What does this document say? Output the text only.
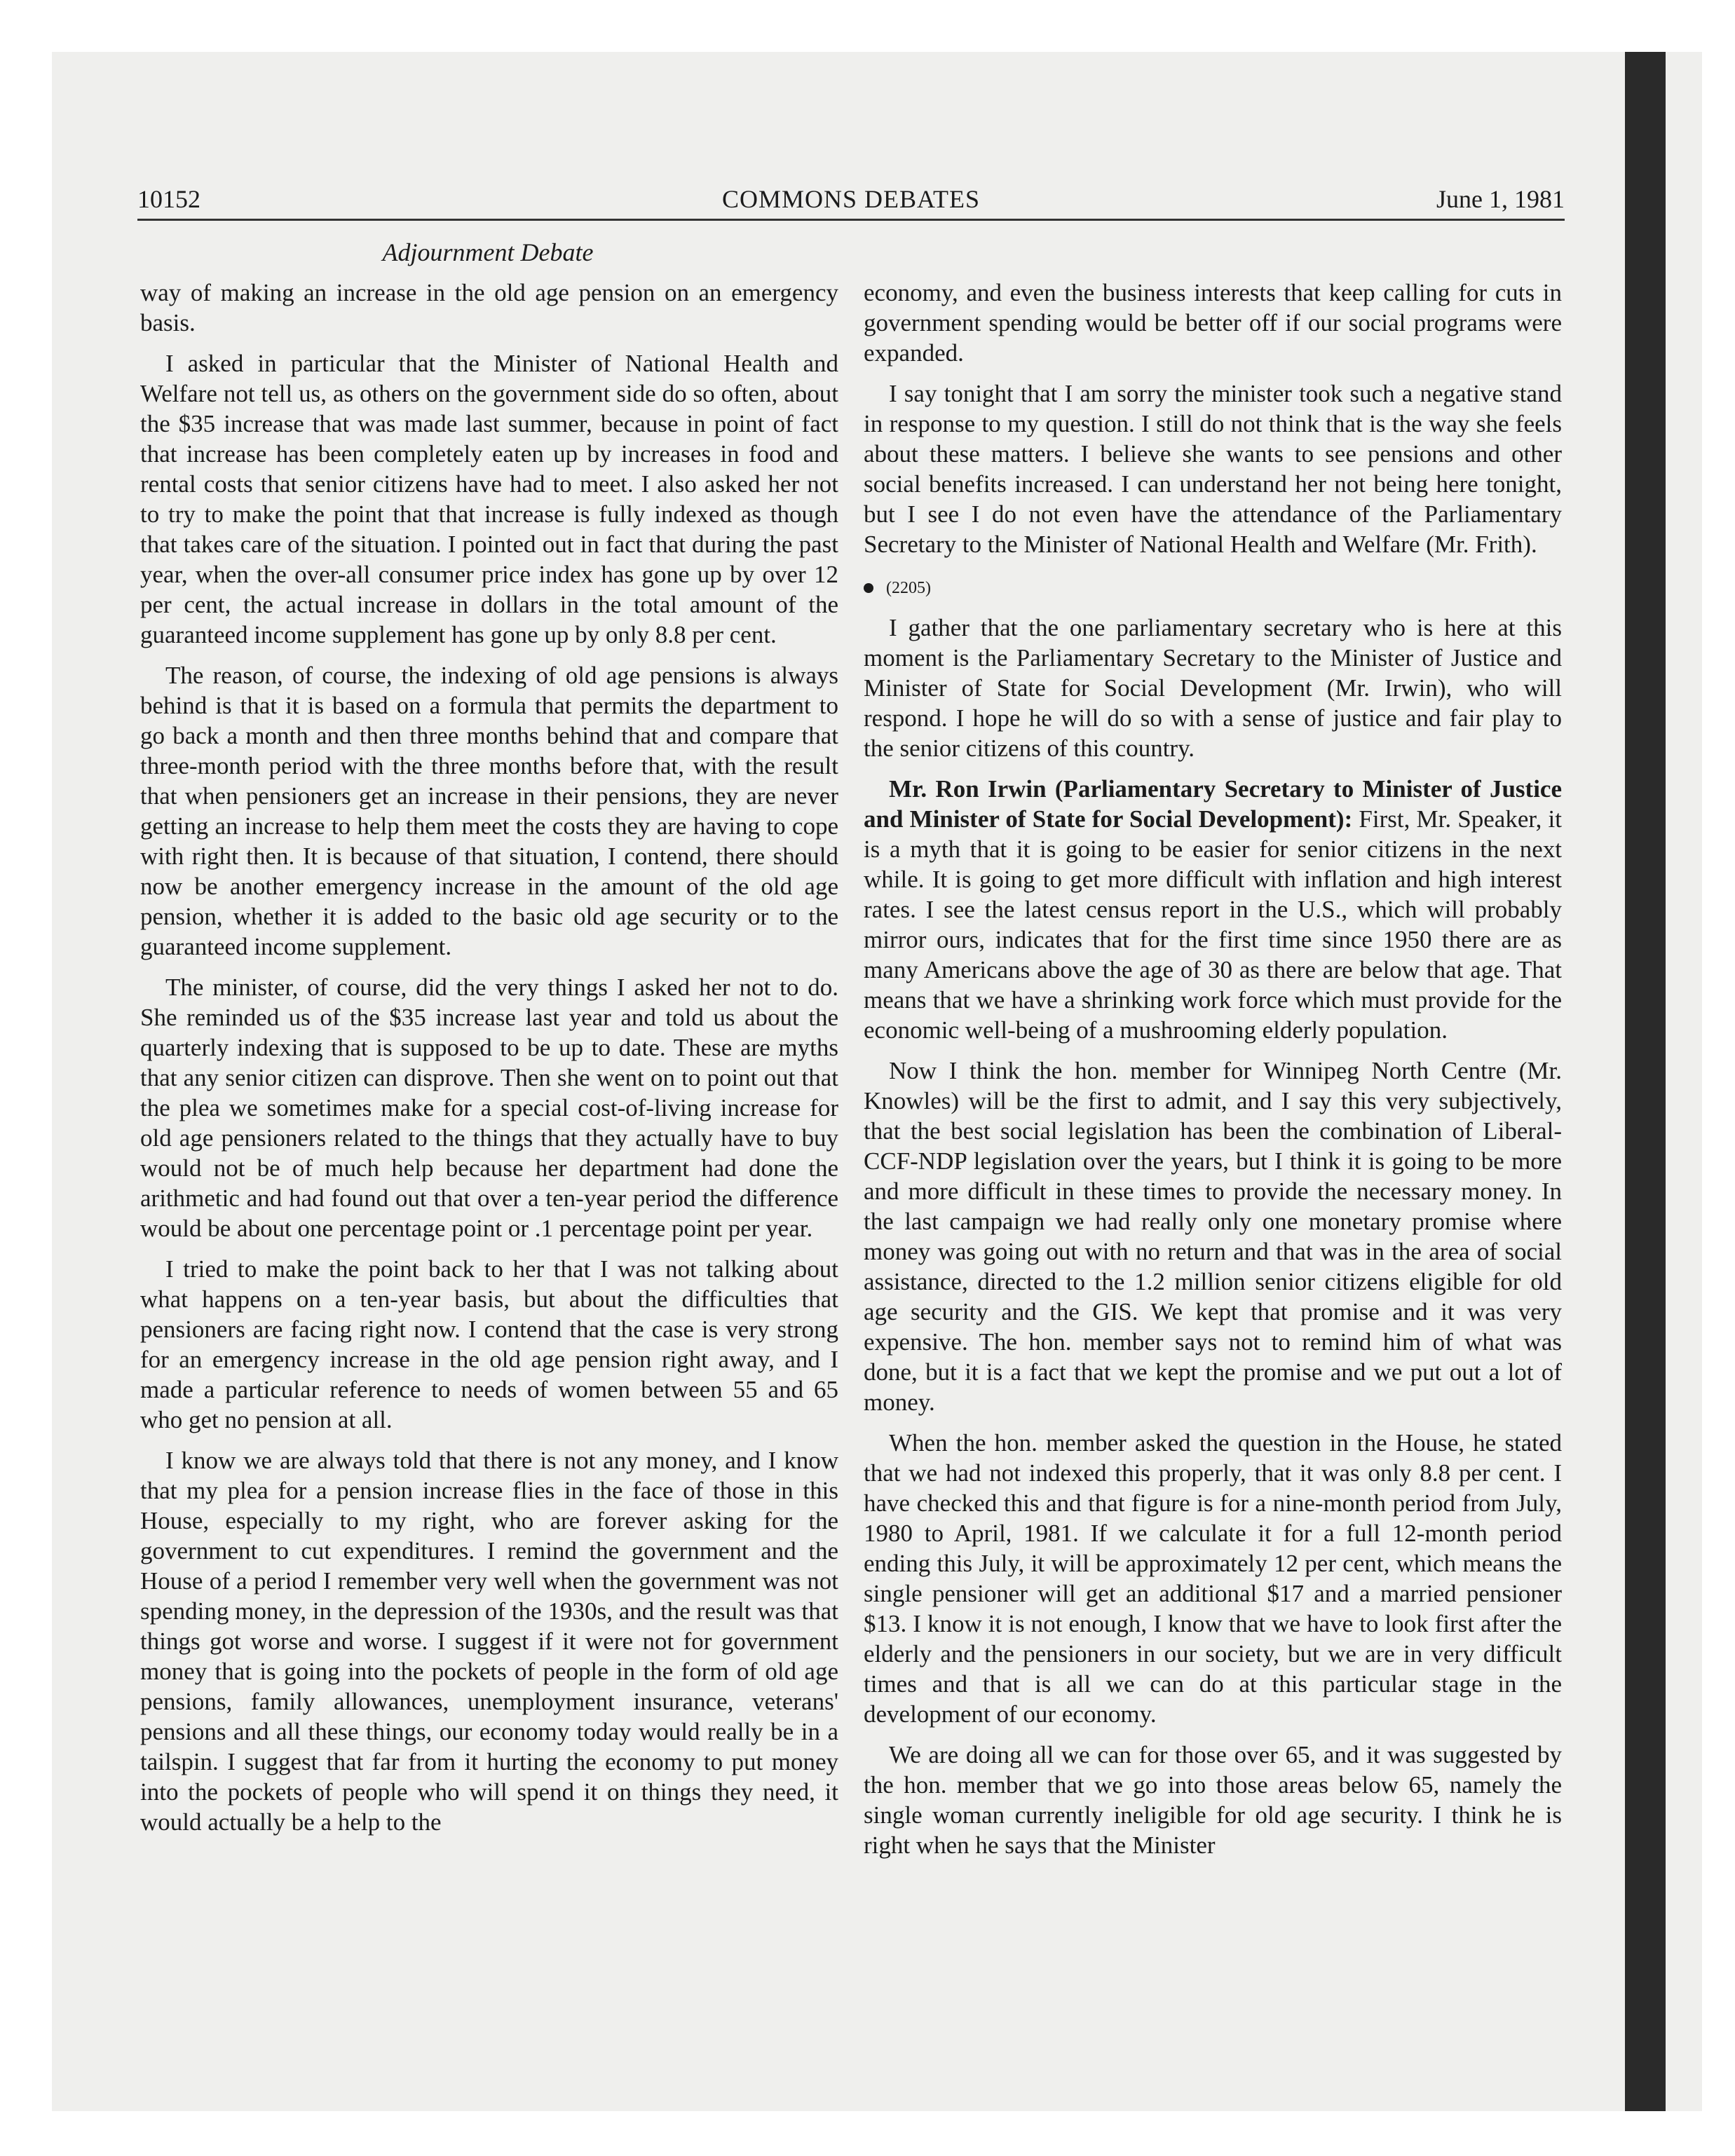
10152	COMMONS DEBATES	June 1, 1981
Adjournment Debate

way of making an increase in the old age pension on an emergency basis.

I asked in particular that the Minister of National Health and Welfare not tell us, as others on the government side do so often, about the $35 increase that was made last summer, because in point of fact that increase has been completely eaten up by increases in food and rental costs that senior citizens have had to meet. I also asked her not to try to make the point that that increase is fully indexed as though that takes care of the situation. I pointed out in fact that during the past year, when the over-all consumer price index has gone up by over 12 per cent, the actual increase in dollars in the total amount of the guaranteed income supplement has gone up by only 8.8 per cent.

The reason, of course, the indexing of old age pensions is always behind is that it is based on a formula that permits the department to go back a month and then three months behind that and compare that three-month period with the three months before that, with the result that when pensioners get an increase in their pensions, they are never getting an increase to help them meet the costs they are having to cope with right then. It is because of that situation, I contend, there should now be another emergency increase in the amount of the old age pension, whether it is added to the basic old age security or to the guaranteed income supplement.

The minister, of course, did the very things I asked her not to do. She reminded us of the $35 increase last year and told us about the quarterly indexing that is supposed to be up to date. These are myths that any senior citizen can disprove. Then she went on to point out that the plea we sometimes make for a special cost-of-living increase for old age pensioners related to the things that they actually have to buy would not be of much help because her department had done the arithmetic and had found out that over a ten-year period the difference would be about one percentage point or .1 percentage point per year.

I tried to make the point back to her that I was not talking about what happens on a ten-year basis, but about the difficulties that pensioners are facing right now. I contend that the case is very strong for an emergency increase in the old age pension right away, and I made a particular reference to needs of women between 55 and 65 who get no pension at all.

I know we are always told that there is not any money, and I know that my plea for a pension increase flies in the face of those in this House, especially to my right, who are forever asking for the government to cut expenditures. I remind the government and the House of a period I remember very well when the government was not spending money, in the depression of the 1930s, and the result was that things got worse and worse. I suggest if it were not for government money that is going into the pockets of people in the form of old age pensions, family allowances, unemployment insurance, veterans' pensions and all these things, our economy today would really be in a tailspin. I suggest that far from it hurting the economy to put money into the pockets of people who will spend it on things they need, it would actually be a help to the

economy, and even the business interests that keep calling for cuts in government spending would be better off if our social programs were expanded.

I say tonight that I am sorry the minister took such a negative stand in response to my question. I still do not think that is the way she feels about these matters. I believe she wants to see pensions and other social benefits increased. I can understand her not being here tonight, but I see I do not even have the attendance of the Parliamentary Secretary to the Minister of National Health and Welfare (Mr. Frith).

(2205)

I gather that the one parliamentary secretary who is here at this moment is the Parliamentary Secretary to the Minister of Justice and Minister of State for Social Development (Mr. Irwin), who will respond. I hope he will do so with a sense of justice and fair play to the senior citizens of this country.

Mr. Ron Irwin (Parliamentary Secretary to Minister of Justice and Minister of State for Social Development): First, Mr. Speaker, it is a myth that it is going to be easier for senior citizens in the next while. It is going to get more difficult with inflation and high interest rates. I see the latest census report in the U.S., which will probably mirror ours, indicates that for the first time since 1950 there are as many Americans above the age of 30 as there are below that age. That means that we have a shrinking work force which must provide for the economic well-being of a mushrooming elderly population.

Now I think the hon. member for Winnipeg North Centre (Mr. Knowles) will be the first to admit, and I say this very subjectively, that the best social legislation has been the combination of Liberal-CCF-NDP legislation over the years, but I think it is going to be more and more difficult in these times to provide the necessary money. In the last campaign we had really only one monetary promise where money was going out with no return and that was in the area of social assistance, directed to the 1.2 million senior citizens eligible for old age security and the GIS. We kept that promise and it was very expensive. The hon. member says not to remind him of what was done, but it is a fact that we kept the promise and we put out a lot of money.

When the hon. member asked the question in the House, he stated that we had not indexed this properly, that it was only 8.8 per cent. I have checked this and that figure is for a nine-month period from July, 1980 to April, 1981. If we calculate it for a full 12-month period ending this July, it will be approximately 12 per cent, which means the single pensioner will get an additional $17 and a married pensioner $13. I know it is not enough, I know that we have to look first after the elderly and the pensioners in our society, but we are in very difficult times and that is all we can do at this particular stage in the development of our economy.

We are doing all we can for those over 65, and it was suggested by the hon. member that we go into those areas below 65, namely the single woman currently ineligible for old age security. I think he is right when he says that the Minister
